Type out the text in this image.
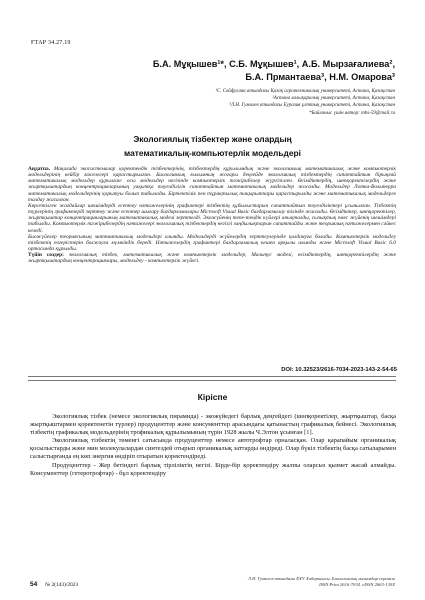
ҒТАР 34.27.19
Б.А. Мұқышев¹*, С.Б. Мұқышев¹, А.Б. Мырзағалиева²,
Б.А. Прмантаева³, Н.М. Омарова³
¹С. Сейфуллин атындағы Қазақ агротехникалық университеті, Астана, Қазақстан
²Астана халықаралық университеті, Астана, Қазақстан
³Л.Н. Гумилев атындағы Еуразия ұлттық университеті, Астана, Қазақстан
*Байланыс үшін автор: mbs-59@mail.ru
Экологиялық тізбектер және олардың
математикалық-компьютерлік модельдері

Аңдатпа. Мақалада экосистемалар қоректендік тізбектерінің, тізбектердің құрылымдық және экологиялық математикалық және компьютерлік модельдерінің кейбір мәселелері қарастырылған. Биологиялық ғылымның жоғары деңгейде экологиялық тізбектердің сипаттайтын бірыңғай математикалық модельдер құрылған: осы модельдер негізінде компьютерлік тәжірибелер жүргізілген. Өсімдіктердің, шөпқоректілердің және жыртқыштардың концентрацияларының уақытқа тәуелділігін сипаттайтын математикалық модельдер жасалды. Модельдер Лотка-Вольтерра математикалық модельдерінің қорытуы болып табылады. Біртектілік пен тұрақтылық тақырыптары қарастырылды және математикалық модельдерге талдау жасалған.

Көрсетілген жағдайлар шешімдерді есептеу нәтижелерінің графиктері тізбектің құбылыстарын сипаттайтын тәуелділіктері ұсынылған. Тізбектің түрлерінің графиктерді зерттеу және есептер шығару бағдарламалары Microsoft Visual Basic бағдарламалау тілінде жасалды. Өсімдіктер, шөпқоректілер, жыртқыштар концентрацияларының математикалық моделі зерттелді. Экожүйенің тепе-теңдік күйлері анықталды, сызықтық емес жүйенің шешімдері табылды. Компьютерлік тәжірибелердің нәтижелері экологиялық тізбектердің негізгі заңдылықтарын сипаттайды және теориялық нәтижелермен сәйкес келеді.

Биожүйелер теориясының математикалық модельдері алынды. Модельдерді жүйелердің зерттеулерінде қолдануға болады. Компьютерлік модельдеу тізбектің өзгерістерін болжауға мүмкіндік береді. Нәтижелердің графиктері бағдарламалық кешен арқылы алынды және Microsoft Visual Basic 6.0 ортасында құрылды.

Түйін сөздер: экологиялық тізбек, математикалық және компьютерлік модельдер, Мальтус моделі, өсімдіктердің, шөпқоректілердің және жыртқыштардың концентрациялары, модельдеу - компьютерлік жүйесі.

DOI: 10.32523/2616-7034-2023-143-2-54-65
Кіріспе

Экологиялық тізбек (немесе экологиялық пирамида) - экожүйедегі барлық деңгейдегі (шөпқоректілер, жыртқыштар, басқа жыртқыштармен қоректенетін түрлер) продуценттер және консументтер арасындағы қатынастың графикалық бейнесі. Экологиялық тізбектің графикалық модельдерінің трофикалық құрылымының түрін 1928 жылы Ч.Элтон ұсынған [1].

Экологиялық тізбектің төменгі сатысында продуценттер немесе автотрофтар орналасқан. Олар қарапайым органикалық қосылыстарды және мин молекулалардан синтездей отырып органикалық заттарды өндіреді. Олар бүкіл тізбектің басқа сатыларымен салыстырғанда ең көп энергия өндіріп отыратын қоректендіреді.

Продуценттер - Жер бетіндегі барлық тірліліктің негізі. Бірде-бір қоректендіру жалпы оларсыз қызмет жасай алмайды. Консументтер (гетеротрофтар) - бұл қоректендіру

54 № 2(143)/2023
Л.Н. Гумилев атындағы ЕҰУ Хабаршысы. Биологиялық ғылымдар сериясы
ISSN Print 2616-7034. eISSN 2663-130X
